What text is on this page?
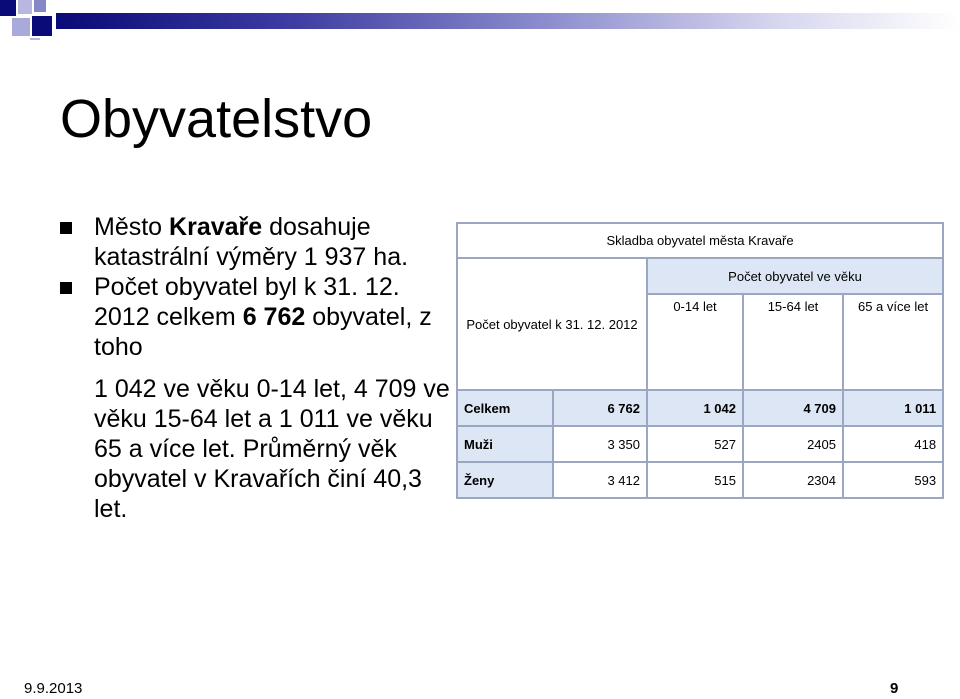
Obyvatelstvo

Město Kravaře dosahuje katastrální výměry 1 937 ha.

Počet obyvatel byl k 31. 12. 2012 celkem 6 762 obyvatel, z toho

1 042 ve věku 0-14 let, 4 709 ve věku 15-64 let a 1 011 ve věku 65 a více let. Průměrný věk obyvatel v Kravařích činí 40,3 let.

Skladba obyvatel města Kravaře				
Počet obyvatel k 31. 12. 2012		Počet obyvatel ve věku		
		0-14 let	15-64 let	65 a více let
Celkem	6 762	1 042	4 709	1 011
Muži	3 350	527	2405	418
Ženy	3 412	515	2304	593
9.9.2013	9
